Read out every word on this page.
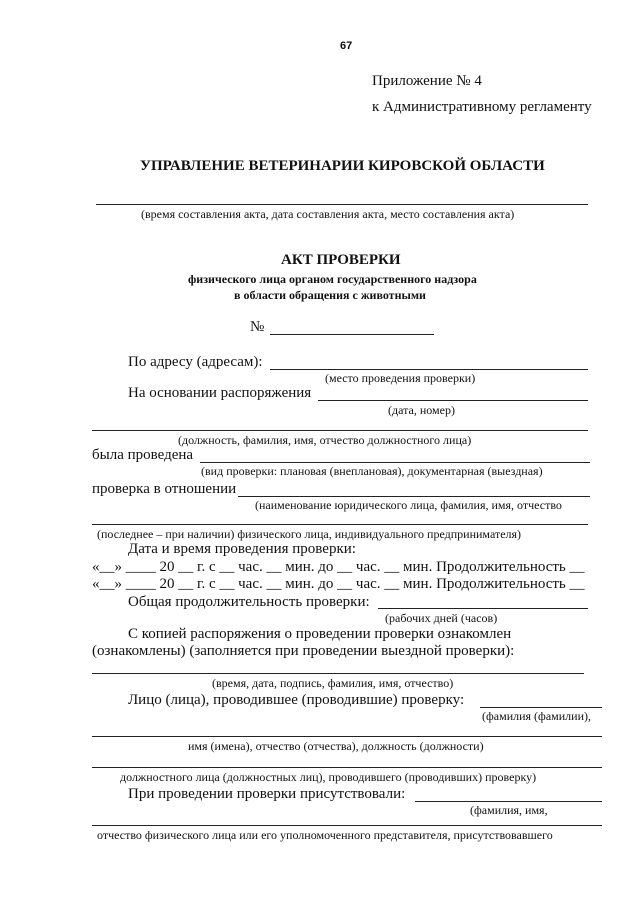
67
Приложение № 4
к Административному регламенту
УПРАВЛЕНИЕ ВЕТЕРИНАРИИ КИРОВСКОЙ ОБЛАСТИ
(время составления акта, дата составления акта, место составления акта)
АКТ ПРОВЕРКИ
физического лица органом государственного надзора
в области обращения с животными
№
По адресу (адресам):
(место проведения проверки)
На основании распоряжения
(дата, номер)
(должность, фамилия, имя, отчество должностного лица)
была проведена
(вид проверки: плановая (внеплановая), документарная (выездная)
проверка в отношении
(наименование юридического лица, фамилия, имя, отчество
(последнее – при наличии) физического лица, индивидуального предпринимателя)
Дата и время проведения проверки:
«__» ____ 20 __ г. с __ час. __ мин. до __ час. __ мин. Продолжительность __
«__» ____ 20 __ г. с __ час. __ мин. до __ час. __ мин. Продолжительность __
Общая продолжительность проверки:
(рабочих дней (часов)
С копией распоряжения о проведении проверки ознакомлен
(ознакомлены) (заполняется при проведении выездной проверки):
(время, дата, подпись, фамилия, имя, отчество)
Лицо (лица), проводившее (проводившие) проверку:
(фамилия (фамилии),
имя (имена), отчество (отчества), должность (должности)
должностного лица (должностных лиц), проводившего (проводивших) проверку)
При проведении проверки присутствовали:
(фамилия, имя,
отчество физического лица или его уполномоченного представителя, присутствовавшего
